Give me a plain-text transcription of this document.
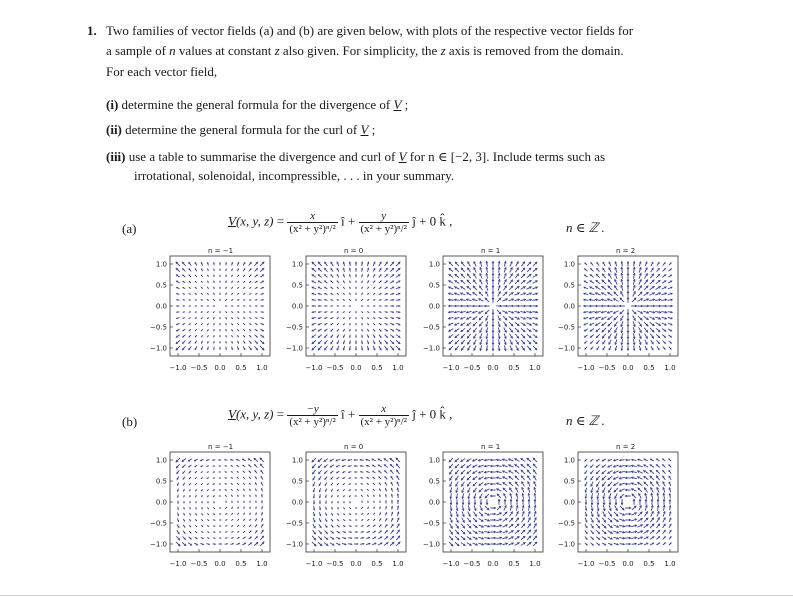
1. Two families of vector fields (a) and (b) are given below, with plots of the respective vector fields for
a sample of n values at constant z also given. For simplicity, the z axis is removed from the domain.
For each vector field,
(i) determine the general formula for the divergence of V ;
(ii) determine the general formula for the curl of V ;
(iii) use a table to summarise the divergence and curl of V for n ∈ [−2, 3]. Include terms such as
irrotational, solenoidal, incompressible, . . . in your summary.
(a)
V(x, y, $z) = \frac{x}{\text{(x² + y²)ⁿ/²}}$ î + $\frac{y}{\text{(x² + y²)ⁿ/²}}$ ĵ + 0 k̂ ,	n ∈ ℤ .
(b)
V(x, y, $z) = \frac{-y}{\text{(x² + y²)ⁿ/²}}$ î + $\frac{x}{\text{(x² + y²)ⁿ/²}}$ ĵ + 0 k̂ ,	n ∈ ℤ .
n = −1
1.0
0.5
0.0
−0.5
−1.0
−1.0 −0.5 0.0 0.5 1.0
n = 0
1.0
0.5
0.0
−0.5
−1.0
−1.0 −0.5 0.0 0.5 1.0
n = 1
1.0
0.5
0.0
−0.5
−1.0
−1.0 −0.5 0.0 0.5 1.0
n = 2
1.0
0.5
0.0
−0.5
−1.0
−1.0 −0.5 0.0 0.5 1.0
n = −1
1.0
0.5
0.0
−0.5
−1.0
−1.0 −0.5 0.0 0.5 1.0
n = 0
1.0
0.5
0.0
−0.5
−1.0
−1.0 −0.5 0.0 0.5 1.0
n = 1
1.0
0.5
0.0
−0.5
−1.0
−1.0 −0.5 0.0 0.5 1.0
n = 2
1.0
0.5
0.0
−0.5
−1.0
−1.0 −0.5 0.0 0.5 1.0
